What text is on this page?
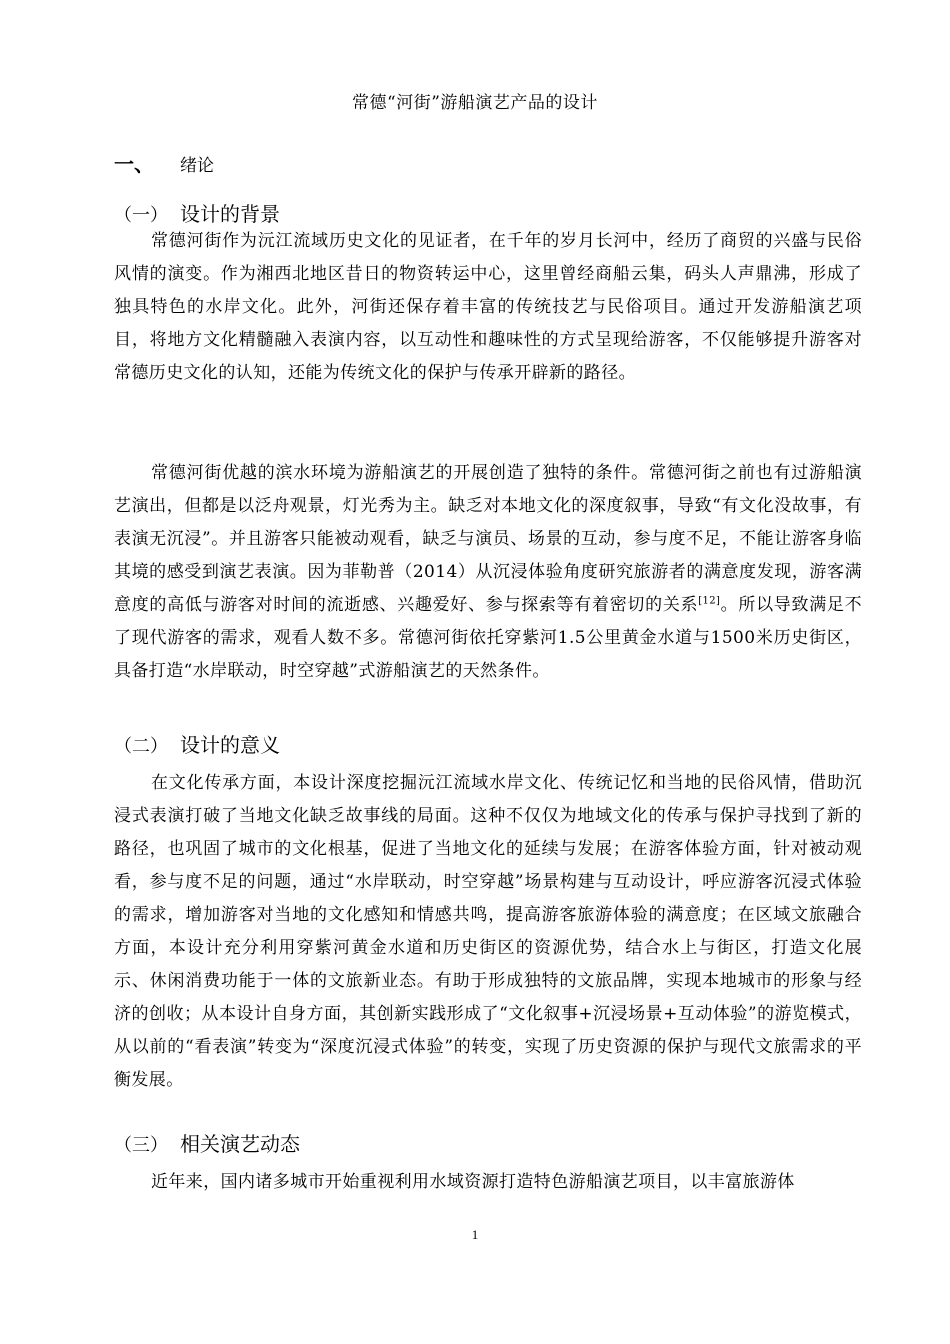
常德“河街”游船演艺产品的设计
一、 绪论
（一） 设计的背景

常德河街作为沅江流域历史文化的见证者，在千年的岁月长河中，经历了商贸的兴盛与民俗风情的演变。作为湘西北地区昔日的物资转运中心，这里曾经商船云集，码头人声鼎沸，形成了独具特色的水岸文化。此外，河街还保存着丰富的传统技艺与民俗项目。通过开发游船演艺项目，将地方文化精髓融入表演内容，以互动性和趣味性的方式呈现给游客，不仅能够提升游客对常德历史文化的认知，还能为传统文化的保护与传承开辟新的路径。

常德河街优越的滨水环境为游船演艺的开展创造了独特的条件。常德河街之前也有过游船演艺演出，但都是以泛舟观景，灯光秀为主。缺乏对本地文化的深度叙事，导致“有文化没故事，有表演无沉浸”。并且游客只能被动观看，缺乏与演员、场景的互动，参与度不足，不能让游客身临其境的感受到演艺表演。因为菲勒普（2014）从沉浸体验角度研究旅游者的满意度发现，游客满意度的高低与游客对时间的流逝感、兴趣爱好、参与探索等有着密切的关系[12]。所以导致满足不了现代游客的需求，观看人数不多。常德河街依托穿紫河1.5公里黄金水道与1500米历史街区，具备打造“水岸联动，时空穿越”式游船演艺的天然条件。

（二） 设计的意义

在文化传承方面，本设计深度挖掘沅江流域水岸文化、传统记忆和当地的民俗风情，借助沉浸式表演打破了当地文化缺乏故事线的局面。这种不仅仅为地域文化的传承与保护寻找到了新的路径，也巩固了城市的文化根基，促进了当地文化的延续与发展；在游客体验方面，针对被动观看，参与度不足的问题，通过“水岸联动，时空穿越”场景构建与互动设计，呼应游客沉浸式体验的需求，增加游客对当地的文化感知和情感共鸣，提高游客旅游体验的满意度；在区域文旅融合方面，本设计充分利用穿紫河黄金水道和历史街区的资源优势，结合水上与街区，打造文化展示、休闲消费功能于一体的文旅新业态。有助于形成独特的文旅品牌，实现本地城市的形象与经济的创收；从本设计自身方面，其创新实践形成了“文化叙事+沉浸场景+互动体验”的游览模式，从以前的“看表演”转变为“深度沉浸式体验”的转变，实现了历史资源的保护与现代文旅需求的平衡发展。

（三） 相关演艺动态

近年来，国内诸多城市开始重视利用水域资源打造特色游船演艺项目，以丰富旅游体

1
